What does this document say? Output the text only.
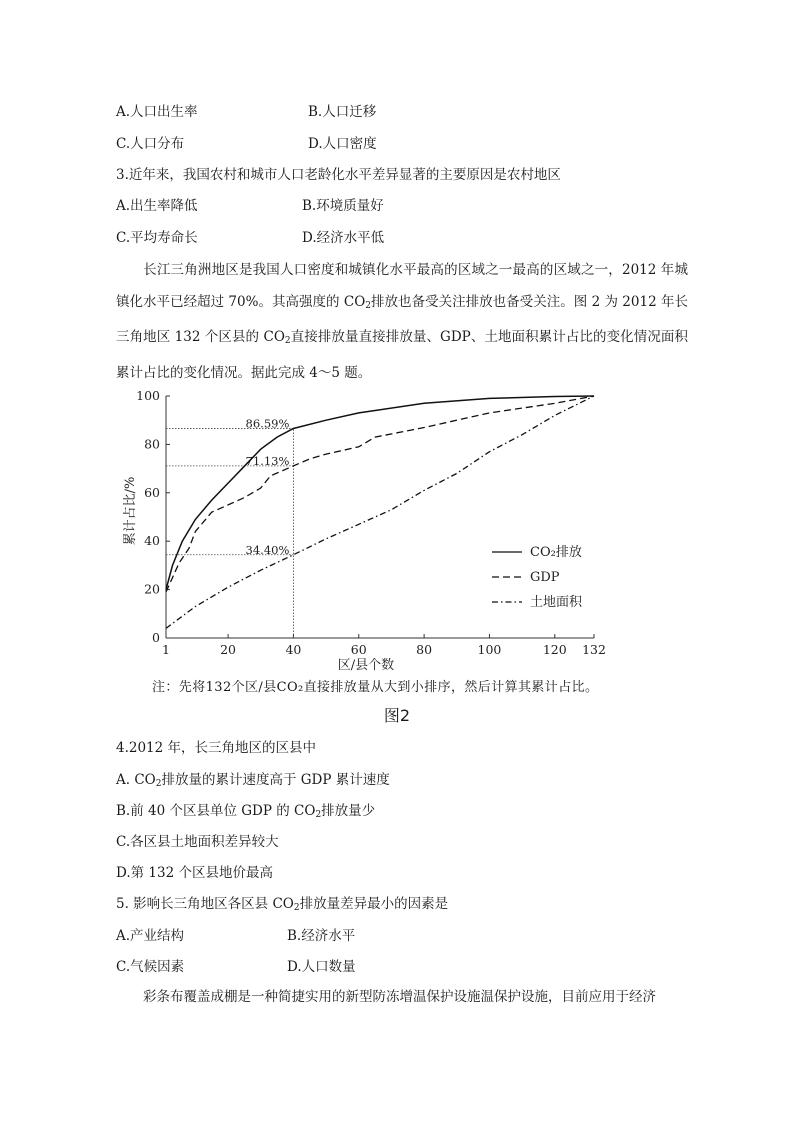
A.人口出生率	B.人口迁移
C.人口分布	D.人口密度
3.近年来，我国农村和城市人口老龄化水平差异显著的主要原因是农村地区
A.出生率降低	B.环境质量好
C.平均寿命长	D.经济水平低
长江三角洲地区是我国人口密度和城镇化水平最高的区域之一最高的区域之一，2012 年城镇化水平已经超过 70%。其高强度的 $CO_2$排放也备受关注排放也备受关注。图 2 为 2012 年长三角地区 132 个区县的 $CO_2$直接排放量直接排放量、GDP、土地面积累计占比的变化情况面积累计占比的变化情况。据此完成 4～5 题。
0
20
40
60
80
100
1	20	40	60	80	100	120 132
区/县个数
累计占比/%
86.59%
71.13%
34.40%	CO₂排放
GDP
土地面积
注：先将132个区/县CO₂直接排放量从大到小排序，然后计算其累计占比。
图2
4.2012 年，长三角地区的区县中
A. $CO_2$排放量的累计速度高于 GDP 累计速度
B.前 40 个区县单位 GDP 的 $CO_2$排放量少
C.各区县土地面积差异较大
D.第 132 个区县地价最高
5. 影响长三角地区各区县 $CO_2$排放量差异最小的因素是
A.产业结构	B.经济水平
C.气候因素	D.人口数量
彩条布覆盖成棚是一种简捷实用的新型防冻增温保护设施温保护设施，目前应用于经济
